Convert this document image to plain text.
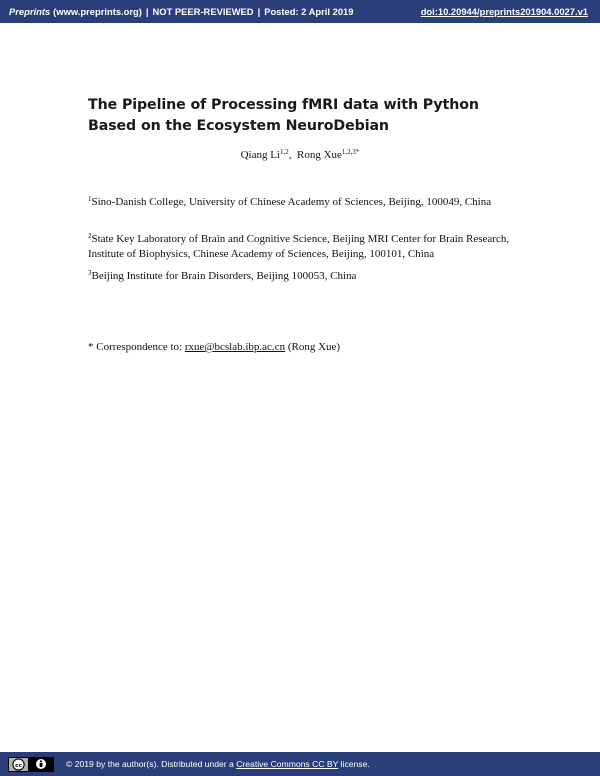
Preprints (www.preprints.org) | NOT PEER-REVIEWED | Posted: 2 April 2019	doi:10.20944/preprints201904.0027.v1
The Pipeline of Processing fMRI data with Python Based on the Ecosystem NeuroDebian
Qiang Li$^{1,2}$,  Rong Xue$^{1,2,3*}$

$^1$Sino-Danish College, University of Chinese Academy of Sciences, Beijing, 100049, China

$^2$State Key Laboratory of Brain and Cognitive Science, Beijing MRI Center for Brain Research, Institute of Biophysics, Chinese Academy of Sciences, Beijing, 100101, China

$^3$Beijing Institute for Brain Disorders, Beijing 100053, China

* Correspondence to: rxue@bcslab.ibp.ac.cn (Rong Xue)
cc	© 2019 by the author(s). Distributed under a Creative Commons CC BY license.
